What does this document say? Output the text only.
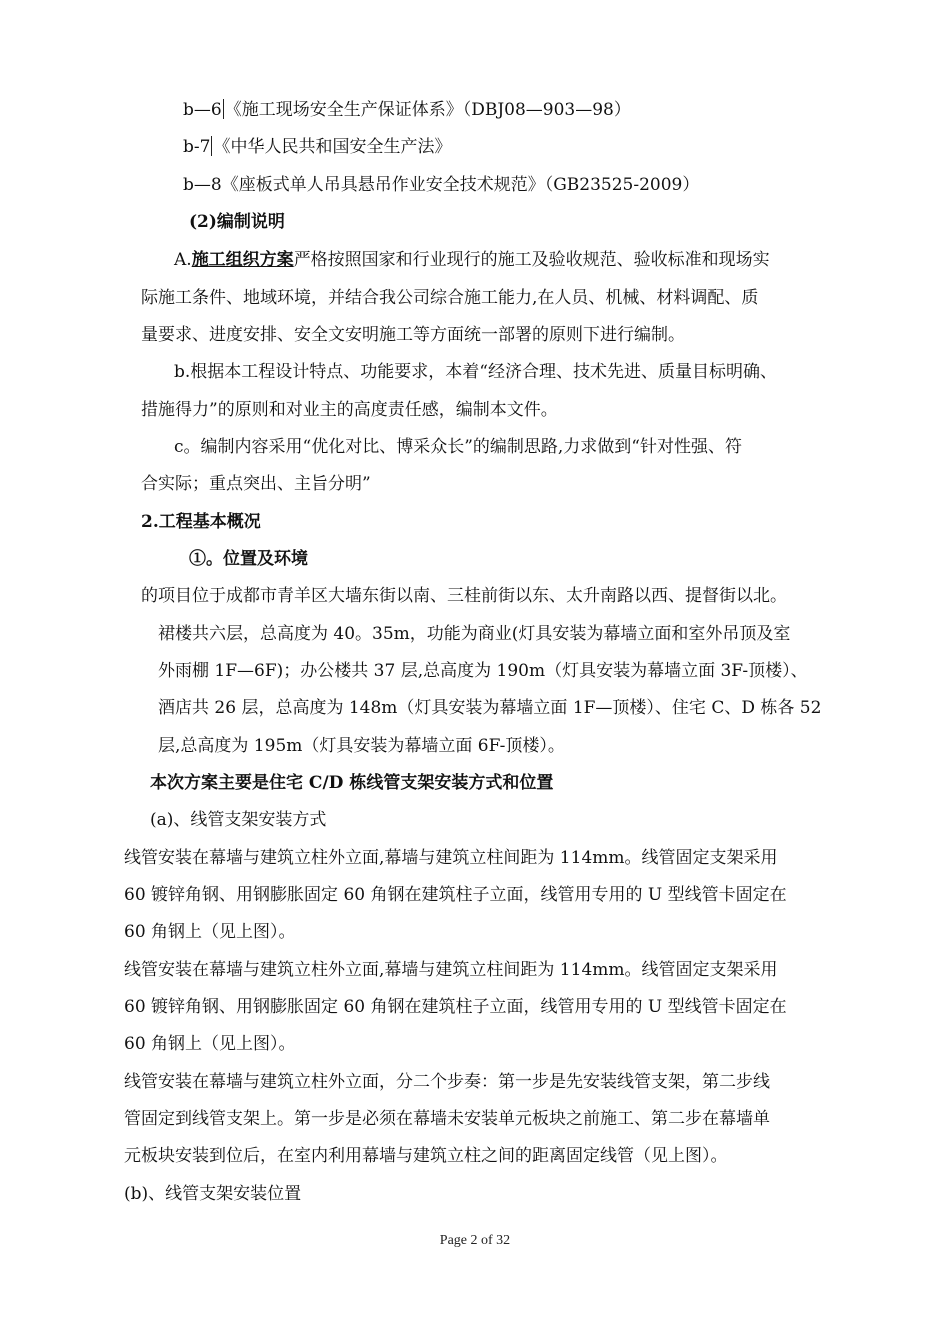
b—6 《施工现场安全生产保证体系》（DBJ08—903—98）
b-7 《中华人民共和国安全生产法》
b—8《座板式单人吊具悬吊作业安全技术规范》（GB23525-2009）
(2)编制说明
A.施工组织方案严格按照国家和行业现行的施工及验收规范、验收标准和现场实
际施工条件、地域环境，并结合我公司综合施工能力,在人员、机械、材料调配、质
量要求、进度安排、安全文安明施工等方面统一部署的原则下进行编制。
b.根据本工程设计特点、功能要求，本着“经济合理、技术先进、质量目标明确、
措施得力”的原则和对业主的高度责任感，编制本文件。
c。编制内容采用“优化对比、博采众长”的编制思路,力求做到“针对性强、符
合实际；重点突出、主旨分明”
2.工程基本概况
①。位置及环境
的项目位于成都市青羊区大墙东街以南、三桂前街以东、太升南路以西、提督街以北。
裙楼共六层，总高度为 40。35m，功能为商业(灯具安装为幕墙立面和室外吊顶及室
外雨棚 1F—6F)；办公楼共 37 层,总高度为 190m（灯具安装为幕墙立面 3F-顶楼）、
酒店共 26 层，总高度为 148m（灯具安装为幕墙立面 1F—顶楼）、住宅 C、D 栋各 52
层,总高度为 195m（灯具安装为幕墙立面 6F-顶楼）。
本次方案主要是住宅 C/D 栋线管支架安装方式和位置
(a)、线管支架安装方式
线管安装在幕墙与建筑立柱外立面,幕墙与建筑立柱间距为 114mm。线管固定支架采用
60 镀锌角钢、用钢膨胀固定 60 角钢在建筑柱子立面，线管用专用的 U 型线管卡固定在
60 角钢上（见上图）。
线管安装在幕墙与建筑立柱外立面,幕墙与建筑立柱间距为 114mm。线管固定支架采用
60 镀锌角钢、用钢膨胀固定 60 角钢在建筑柱子立面，线管用专用的 U 型线管卡固定在
60 角钢上（见上图）。
线管安装在幕墙与建筑立柱外立面，分二个步奏：第一步是先安装线管支架，第二步线
管固定到线管支架上。第一步是必须在幕墙未安装单元板块之前施工、第二步在幕墙单
元板块安装到位后，在室内利用幕墙与建筑立柱之间的距离固定线管（见上图）。
(b)、线管支架安装位置
Page 2 of 32
